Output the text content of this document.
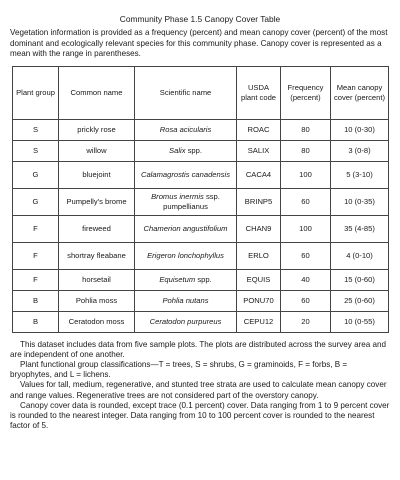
Community Phase 1.5 Canopy Cover Table
Vegetation information is provided as a frequency (percent) and mean canopy cover (percent) of the most dominant and ecologically relevant species for this community phase. Canopy cover is represented as a mean with the range in parentheses.
Plant group	Common name	Scientific name	USDA plant code	Frequency (percent)	Mean canopy cover (percent)
S	prickly rose	Rosa acicularis	ROAC	80	10 (0-30)
S	willow	Salix spp.	SALIX	80	3 (0-8)
G	bluejoint	Calamagrostis canadensis	CACA4	100	5 (3-10)
G	Pumpelly's brome	Bromus inermis ssp. pumpellianus	BRINP5	60	10 (0-35)
F	fireweed	Chamerion angustifolium	CHAN9	100	35 (4-85)
F	shortray fleabane	Erigeron lonchophyllus	ERLO	60	4 (0-10)
F	horsetail	Equisetum spp.	EQUIS	40	15 (0-60)
B	Pohlia moss	Pohlia nutans	PONU70	60	25 (0-60)
B	Ceratodon moss	Ceratodon purpureus	CEPU12	20	10 (0-55)

This dataset includes data from five sample plots. The plots are distributed across the survey area and are independent of one another.

Plant functional group classifications—T = trees, S = shrubs, G = graminoids, F = forbs, B = bryophytes, and L = lichens.

Values for tall, medium, regenerative, and stunted tree strata are used to calculate mean canopy cover and range values. Regenerative trees are not considered part of the overstory canopy.

Canopy cover data is rounded, except trace (0.1 percent) cover. Data ranging from 1 to 9 percent cover is rounded to the nearest integer. Data ranging from 10 to 100 percent cover is rounded to the nearest factor of 5.
